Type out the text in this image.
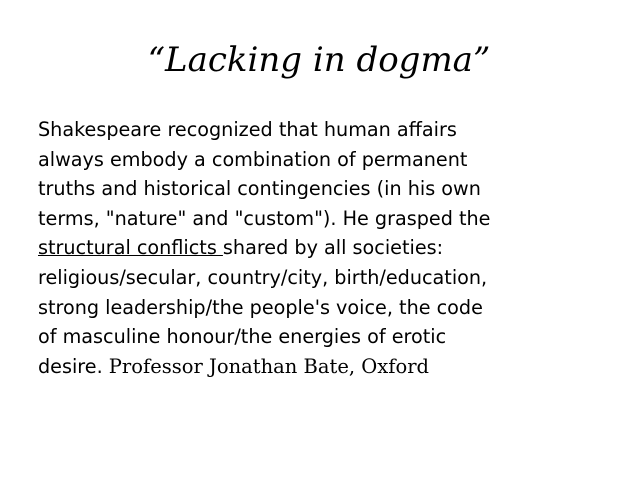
“Lacking in dogma”
Shakespeare recognized that human affairs
always embody a combination of permanent
truths and historical contingencies (in his own
terms, "nature" and "custom"). He grasped the
structural conflicts shared by all societies:
religious/secular, country/city, birth/education,
strong leadership/the people's voice, the code
of masculine honour/the energies of erotic
desire. Professor Jonathan Bate, Oxford
